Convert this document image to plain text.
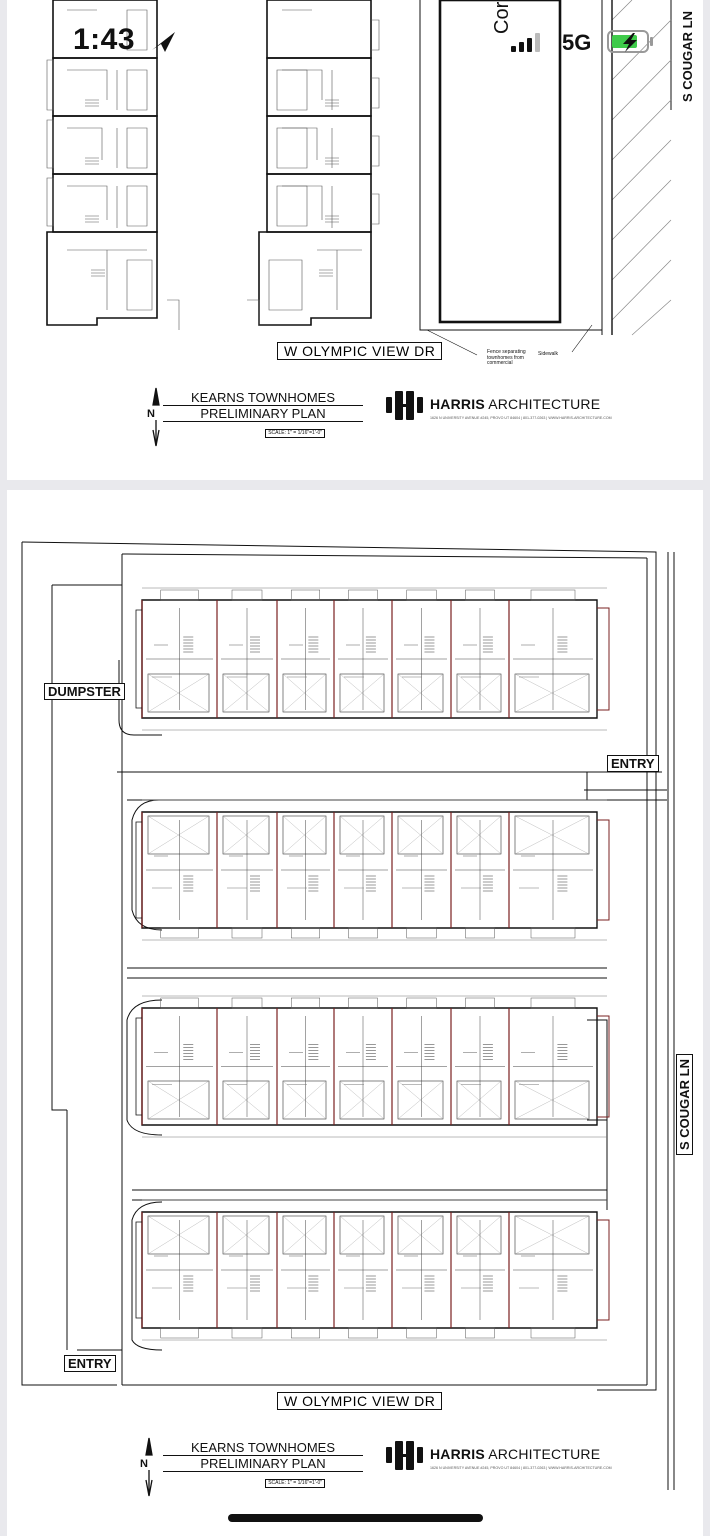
Cor	S COUGAR LN
W OLYMPIC VIEW DR	Fence separating townhomes from commercial
Sidewalk
N
KEARNS TOWNHOMES
PRELIMINARY PLAN
SCALE: 1" = 1/16"=1'-0"
HARRIS ARCHITECTURE
1626 N UNIVERSITY AVENUE #245, PROVO UT 84604 | 801-377-0263 | WWW.HARRIS-ARCHITECTURE.COM
1:43	5G
DUMPSTER
ENTRY
ENTRY
S COUGAR LN
W OLYMPIC VIEW DR
N
KEARNS TOWNHOMES
PRELIMINARY PLAN
SCALE: 1" = 1/16"=1'-0"
HARRIS ARCHITECTURE
1626 N UNIVERSITY AVENUE #245, PROVO UT 84604 | 801-377-0263 | WWW.HARRIS-ARCHITECTURE.COM
